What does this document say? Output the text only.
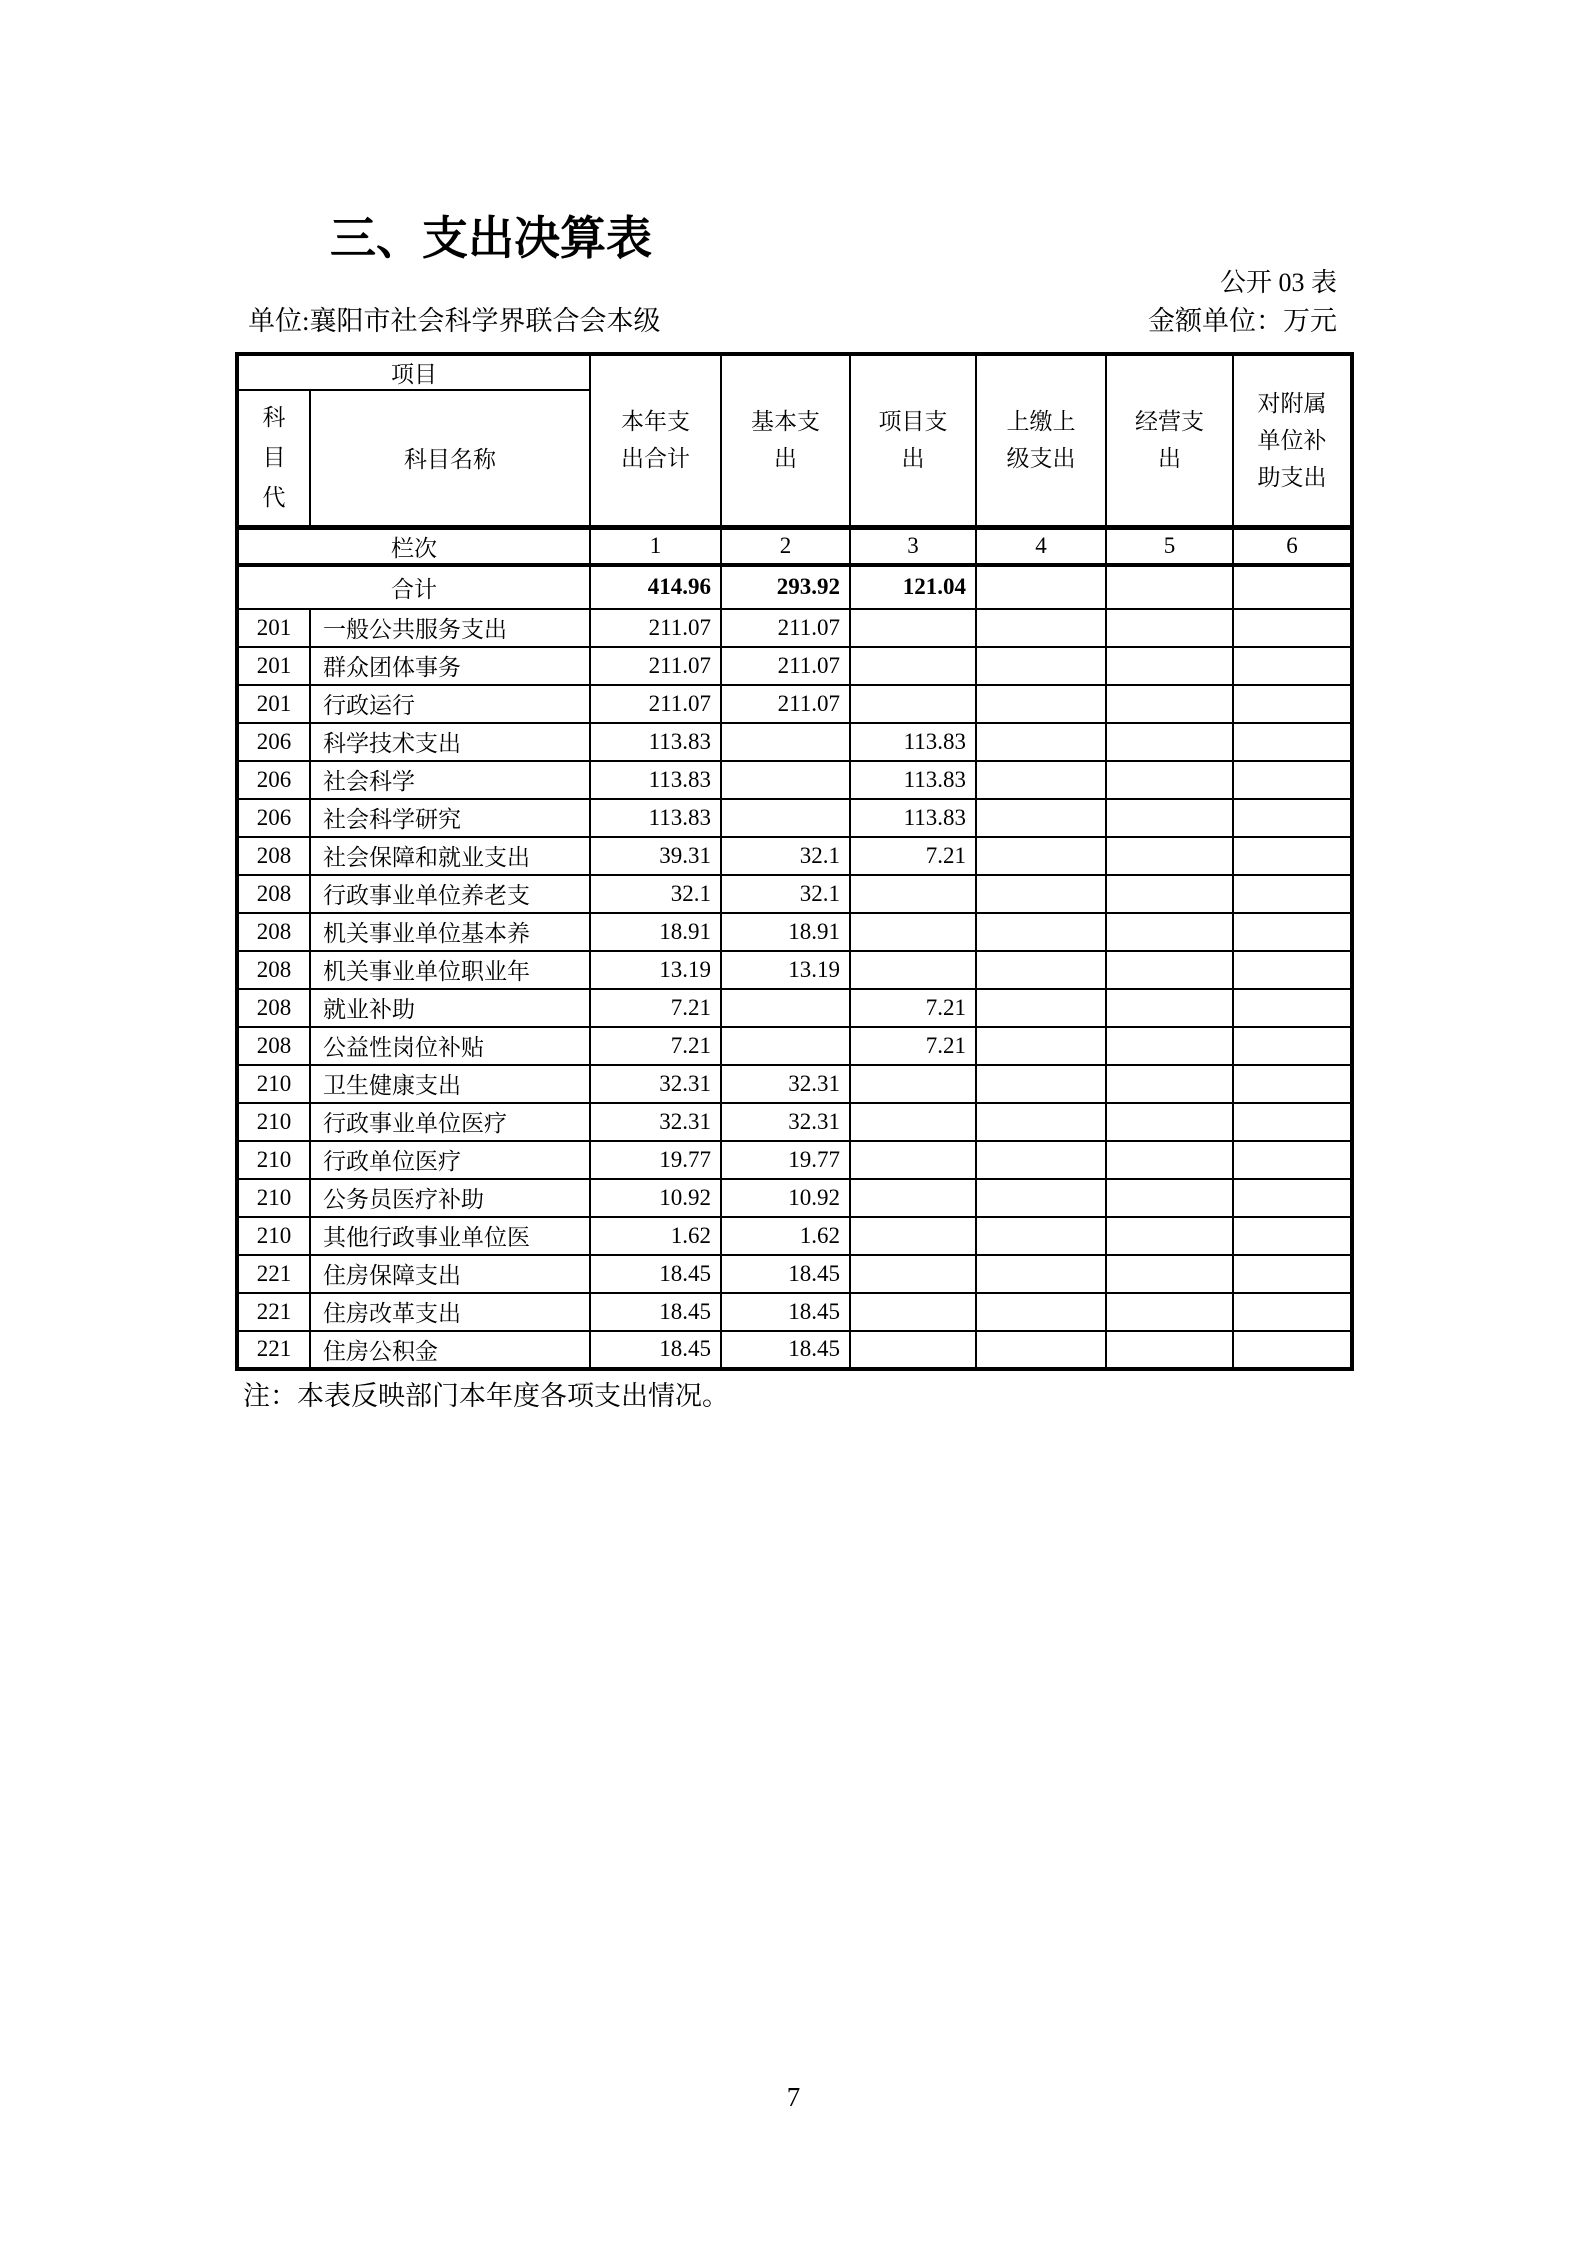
三、支出决算表
公开 03 表
单位:襄阳市社会科学界联合会本级	金额单位：万元
项目		本年支出合计	基本支出	项目支出	上缴上级支出	经营支出	对附属单位补助支出

科目代	科目名称						
栏次		1	2	3	4	5	6
合计		414.96	293.92	121.04			
201	一般公共服务支出	211.07	211.07				
201	群众团体事务	211.07	211.07				
201	行政运行	211.07	211.07				
206	科学技术支出	113.83		113.83			
206	社会科学	113.83		113.83			
206	社会科学研究	113.83		113.83			
208	社会保障和就业支出	39.31	32.1	7.21			
208	行政事业单位养老支	32.1	32.1				
208	机关事业单位基本养	18.91	18.91				
208	机关事业单位职业年	13.19	13.19				
208	就业补助	7.21		7.21			
208	公益性岗位补贴	7.21		7.21			
210	卫生健康支出	32.31	32.31				
210	行政事业单位医疗	32.31	32.31				
210	行政单位医疗	19.77	19.77				
210	公务员医疗补助	10.92	10.92				
210	其他行政事业单位医	1.62	1.62				
221	住房保障支出	18.45	18.45				
221	住房改革支出	18.45	18.45				
221	住房公积金	18.45	18.45				
注：本表反映部门本年度各项支出情况。
7
